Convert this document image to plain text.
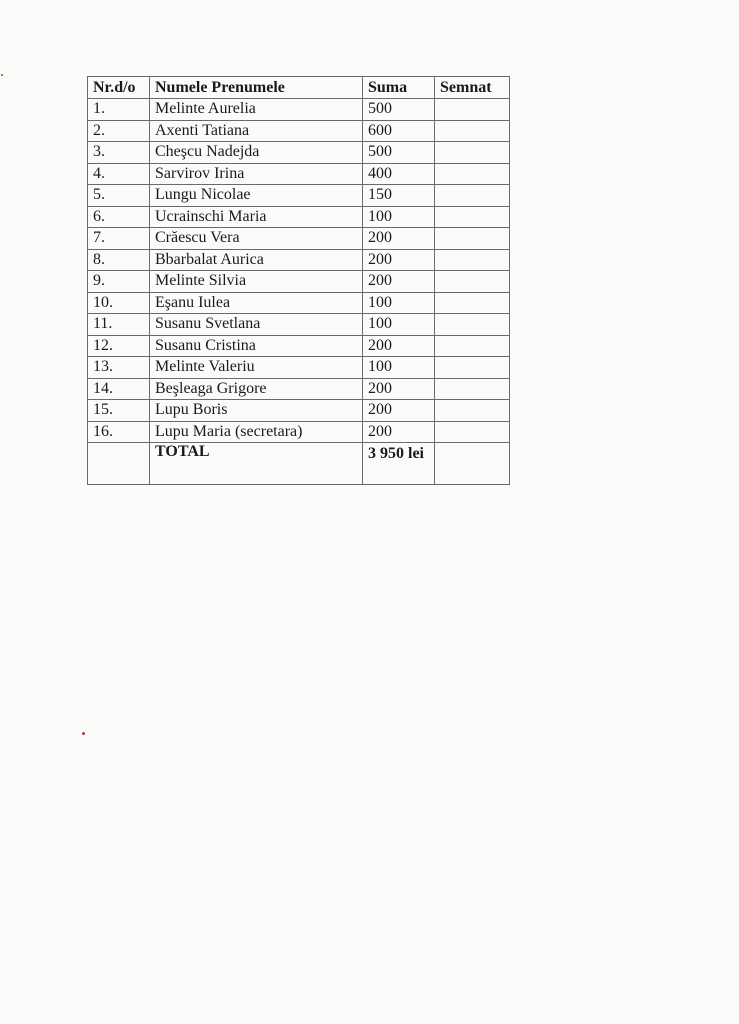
Nr.d/o	Numele Prenumele	Suma	Semnat
1.	Melinte Aurelia	500	
2.	Axenti Tatiana	600	
3.	Cheşcu Nadejda	500	
4.	Sarvirov Irina	400	
5.	Lungu Nicolae	150	
6.	Ucrainschi Maria	100	
7.	Crăescu Vera	200	
8.	Bbarbalat Aurica	200	
9.	Melinte Silvia	200	
10.	Eşanu Iulea	100	
11.	Susanu Svetlana	100	
12.	Susanu Cristina	200	
13.	Melinte Valeriu	100	
14.	Beşleaga Grigore	200	
15.	Lupu Boris	200	
16.	Lupu Maria (secretara)	200	
	TOTAL	3 950 lei	
